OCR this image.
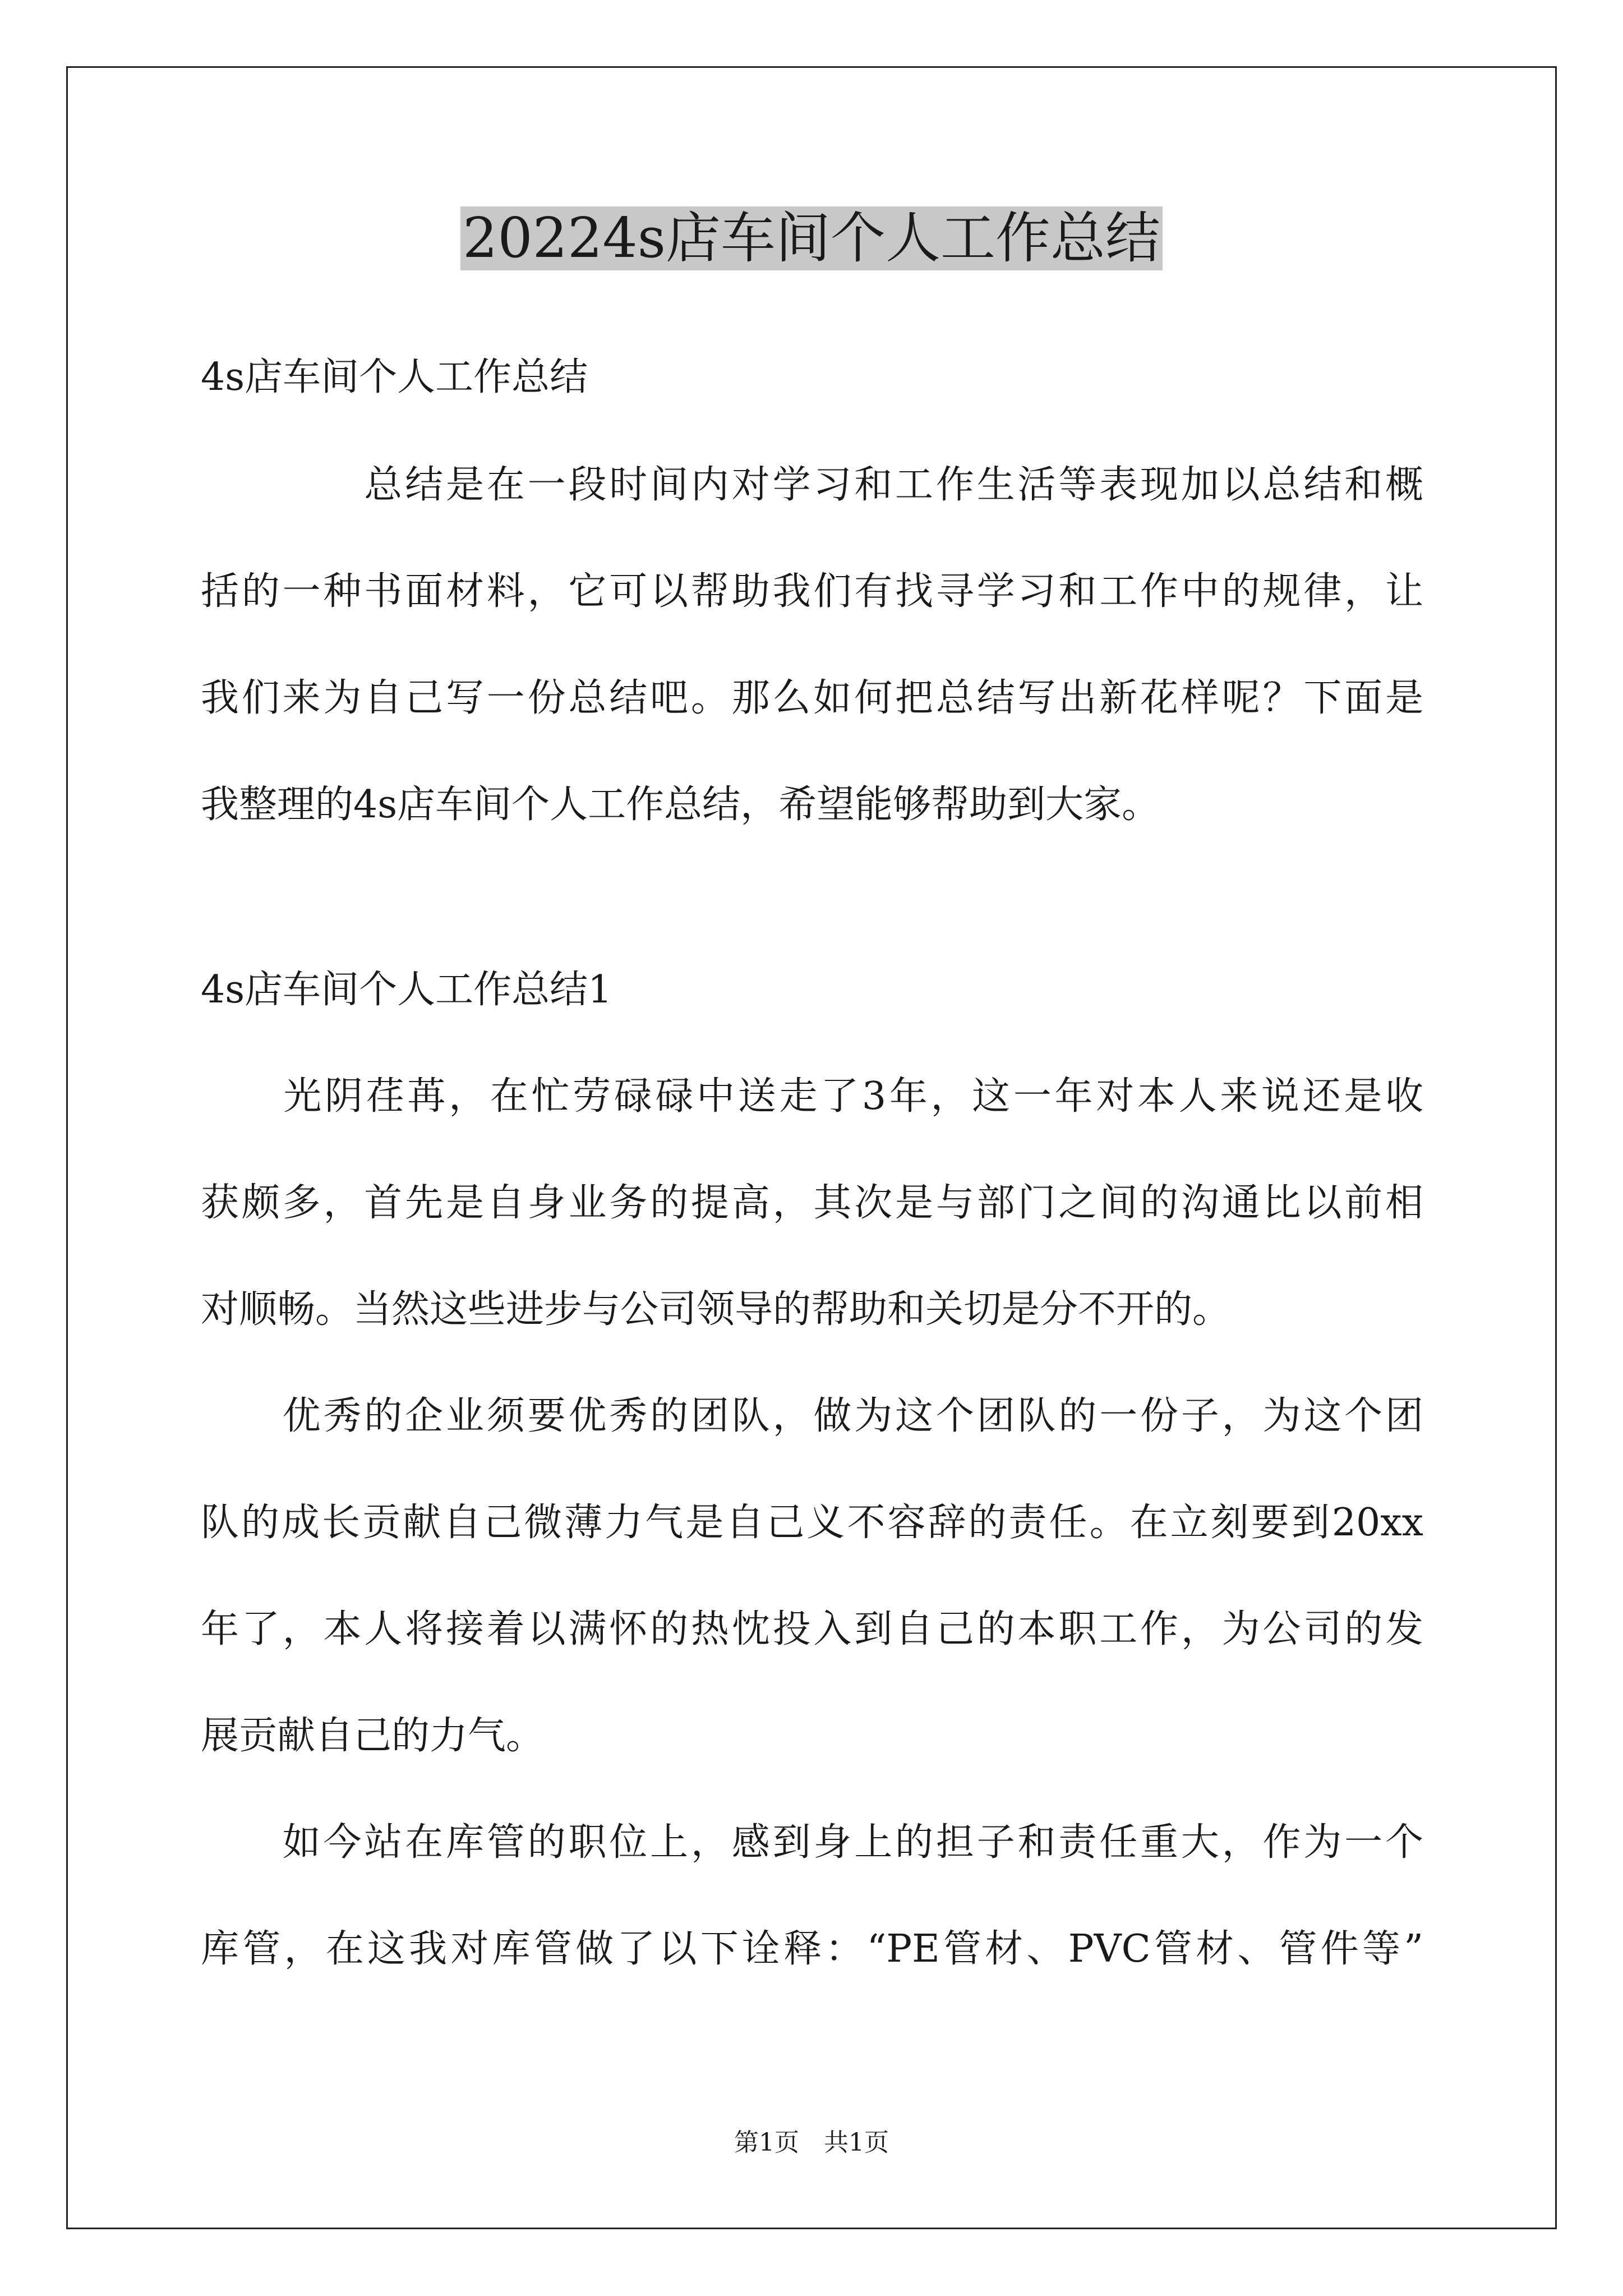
20224s店车间个人工作总结
4s店车间个人工作总结
　　　　总结是在一段时间内对学习和工作生活等表现加以总结和概
括的一种书面材料，它可以帮助我们有找寻学习和工作中的规律，让
我们来为自己写一份总结吧。那么如何把总结写出新花样呢？下面是
我整理的4s店车间个人工作总结，希望能够帮助到大家。
4s店车间个人工作总结1
　　光阴荏苒，在忙劳碌碌中送走了3年，这一年对本人来说还是收
获颇多，首先是自身业务的提高，其次是与部门之间的沟通比以前相
对顺畅。当然这些进步与公司领导的帮助和关切是分不开的。
　　优秀的企业须要优秀的团队，做为这个团队的一份子，为这个团
队的成长贡献自己微薄力气是自己义不容辞的责任。在立刻要到20xx
年了，本人将接着以满怀的热忱投入到自己的本职工作，为公司的发
展贡献自己的力气。
　　如今站在库管的职位上，感到身上的担子和责任重大，作为一个
库管，在这我对库管做了以下诠释：“PE管材、PVC管材、管件等”
第1页　共1页
